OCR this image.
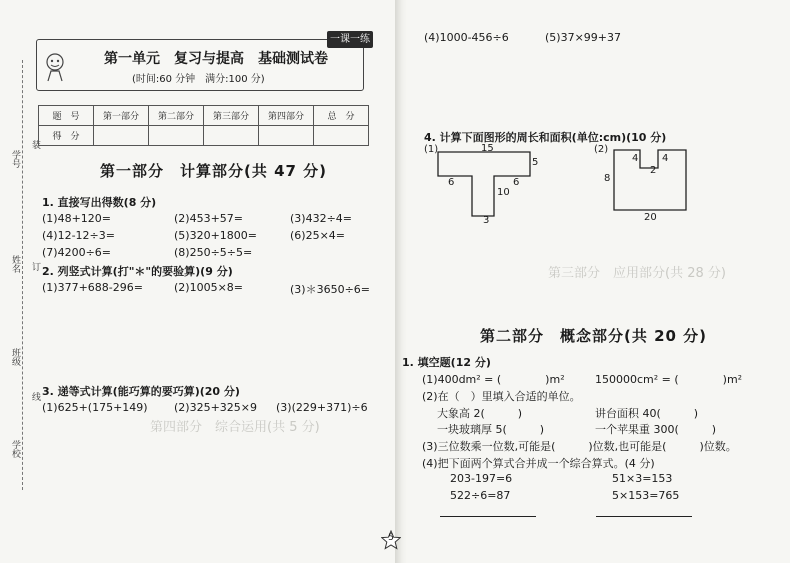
学号
装
姓名 订
班级
线
学校
一课一练
第一单元　复习与提高　基础测试卷
(时间:60 分钟　满分:100 分)
题　号	第一部分	第二部分	第三部分	第四部分	总　分
得　分					
第一部分　计算部分(共 47 分)
1. 直接写出得数(8 分)
(1)48+120=	(2)453+57=	(3)432÷4=
(4)12-12÷3=	(5)320+1800=	(6)25×4=
(7)4200÷6=	(8)250÷5÷5=
2. 列竖式计算(打"＊"的要验算)(9 分)
(1)377+688-296=	(2)1005×8=	(3)＊3650÷6=
3. 递等式计算(能巧算的要巧算)(20 分)
(1)625+(175+149) (2)325+325×9 (3)(229+371)÷6
第四部分　综合运用(共 5 分)
(4)1000-456÷6	(5)37×99+37
4. 计算下面图形的周长和面积(单位:cm)(10 分)
(1)	(2)
15
5
6
10
6
3
4 4
2
8
20
第三部分　应用部分(共 28 分)
第二部分　概念部分(共 20 分)
1. 填空题(12 分)
(1)400dm² = (　　　　)m²	150000cm² = (　　　　)m²
(2)在（　）里填入合适的单位。
大象高 2(　　　)	讲台面积 40(　　　)
一块玻璃厚 5(　　　)	一个苹果重 300(　　　)
(3)三位数乘一位数,可能是(　　　)位数,也可能是(　　　)位数。
(4)把下面两个算式合并成一个综合算式。(4 分)
203-197=6	51×3=153
522÷6=87	5×153=765
5
